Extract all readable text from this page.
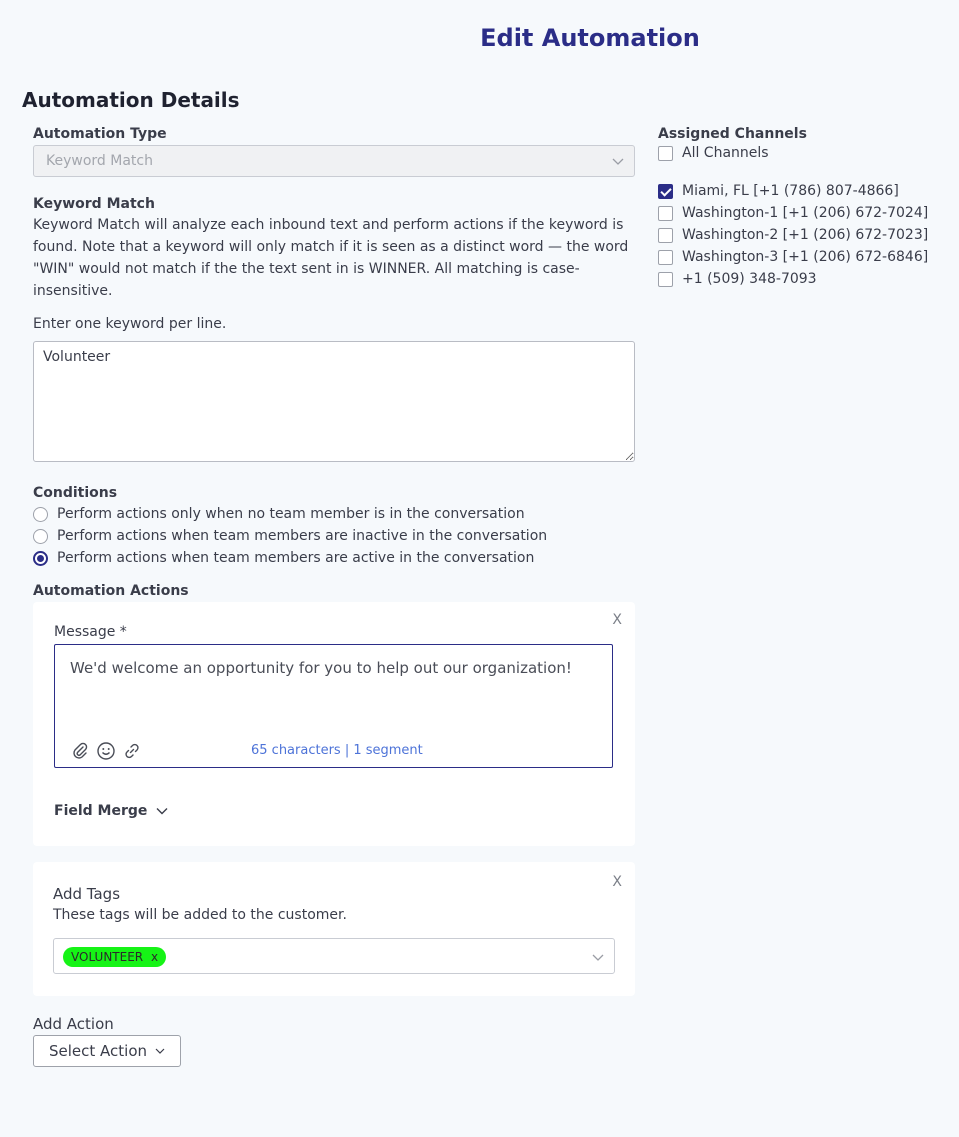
Edit Automation
Automation Details
Automation Type
Keyword Match
Keyword Match
Keyword Match will analyze each inbound text and perform actions if the keyword is found. Note that a keyword will only match if it is seen as a distinct word — the word "WIN" would not match if the the text sent in is WINNER. All matching is case-insensitive.
Enter one keyword per line.
Volunteer
Conditions
Perform actions only when no team member is in the conversation
Perform actions when team members are inactive in the conversation
Perform actions when team members are active in the conversation
Automation Actions
X
Message *
We'd welcome an opportunity for you to help out our organization!
65 characters | 1 segment
Field Merge
X
Add Tags
These tags will be added to the customer.
VOLUNTEER x
Add Action
Select Action
Assigned Channels
All Channels
Miami, FL [+1 (786) 807-4866]
Washington-1 [+1 (206) 672-7024]
Washington-2 [+1 (206) 672-7023]
Washington-3 [+1 (206) 672-6846]
+1 (509) 348-7093
